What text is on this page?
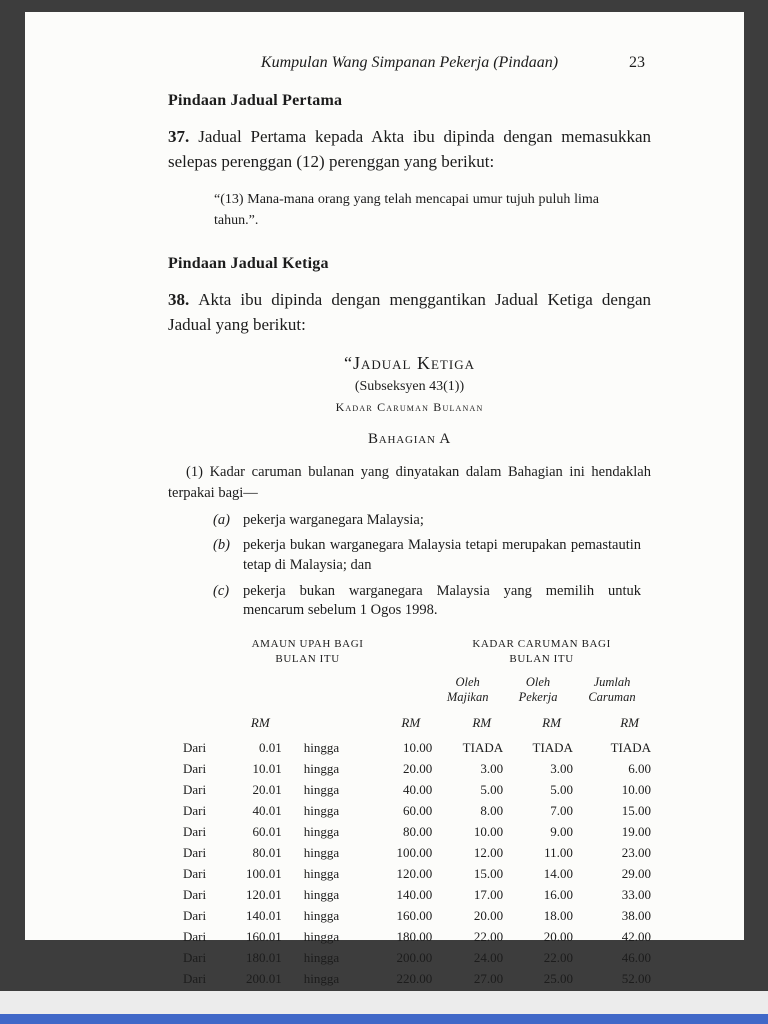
Kumpulan Wang Simpanan Pekerja (Pindaan)	23
Pindaan Jadual Pertama

37. Jadual Pertama kepada Akta ibu dipinda dengan memasukkan selepas perenggan (12) perenggan yang berikut:

“(13) Mana-mana orang yang telah mencapai umur tujuh puluh lima tahun.”.
Pindaan Jadual Ketiga

38. Akta ibu dipinda dengan menggantikan Jadual Ketiga dengan Jadual yang berikut:

“Jadual Ketiga
(Subseksyen 43(1))
Kadar Caruman Bulanan
Bahagian A

(1) Kadar caruman bulanan yang dinyatakan dalam Bahagian ini hendaklah terpakai bagi—

(a) pekerja warganegara Malaysia;
(b) pekerja bukan warganegara Malaysia tetapi merupakan pemastautin tetap di Malaysia; dan
(c) pekerja bukan warganegara Malaysia yang memilih untuk mencarum sebelum 1 Ogos 1998.
AMAUN UPAH BAGI BULAN ITU				KADAR CARUMAN BAGI BULAN ITU		
				Oleh Majikan	Oleh Pekerja	Jumlah Caruman
	RM		RM	RM	RM	RM
Dari	0.01	hingga	10.00	TIADA	TIADA	TIADA
Dari	10.01	hingga	20.00	3.00	3.00	6.00
Dari	20.01	hingga	40.00	5.00	5.00	10.00
Dari	40.01	hingga	60.00	8.00	7.00	15.00
Dari	60.01	hingga	80.00	10.00	9.00	19.00
Dari	80.01	hingga	100.00	12.00	11.00	23.00
Dari	100.01	hingga	120.00	15.00	14.00	29.00
Dari	120.01	hingga	140.00	17.00	16.00	33.00
Dari	140.01	hingga	160.00	20.00	18.00	38.00
Dari	160.01	hingga	180.00	22.00	20.00	42.00
Dari	180.01	hingga	200.00	24.00	22.00	46.00
Dari	200.01	hingga	220.00	27.00	25.00	52.00
